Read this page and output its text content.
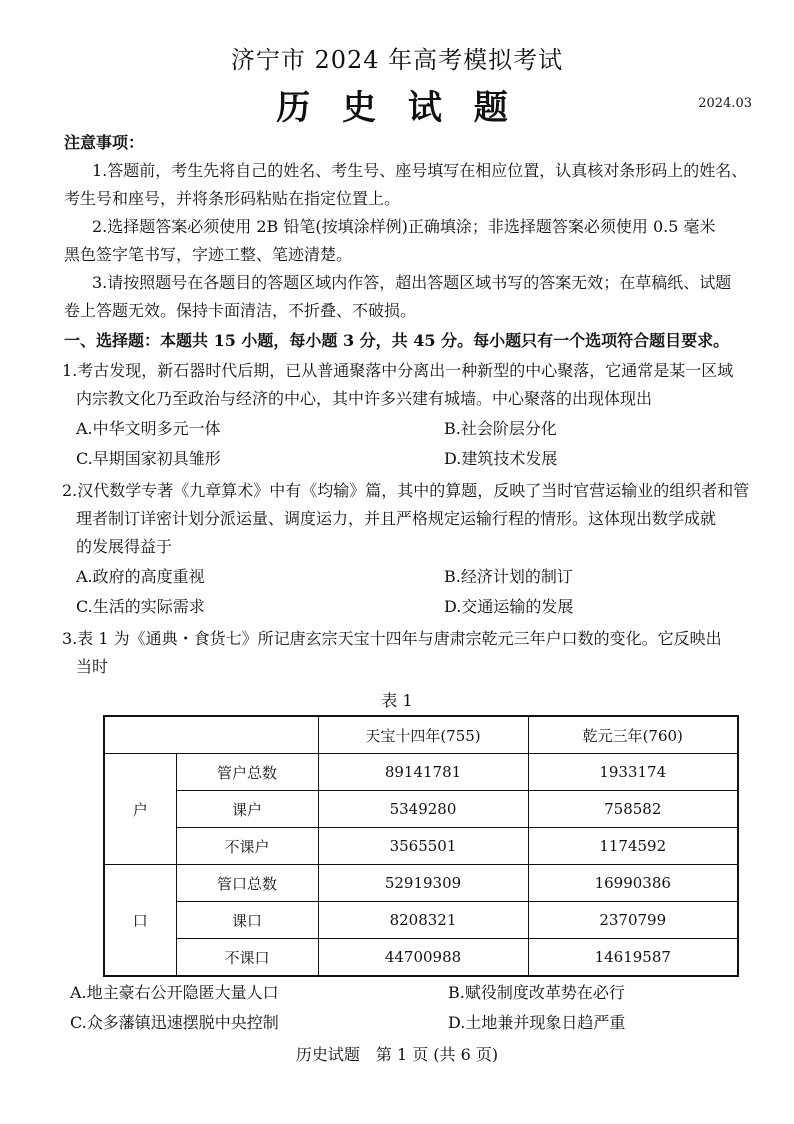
济宁市 2024 年高考模拟考试
历 史 试 题	2024.03
注意事项：
1.答题前，考生先将自己的姓名、考生号、座号填写在相应位置，认真核对条形码上的姓名、
考生号和座号，并将条形码粘贴在指定位置上。
2.选择题答案必须使用 2B 铅笔(按填涂样例)正确填涂；非选择题答案必须使用 0.5 毫米
黑色签字笔书写，字迹工整、笔迹清楚。
3.请按照题号在各题目的答题区域内作答，超出答题区域书写的答案无效；在草稿纸、试题
卷上答题无效。保持卡面清洁，不折叠、不破损。
一、选择题：本题共 15 小题，每小题 3 分，共 45 分。每小题只有一个选项符合题目要求。
1.考古发现，新石器时代后期，已从普通聚落中分离出一种新型的中心聚落，它通常是某一区域
内宗教文化乃至政治与经济的中心，其中许多兴建有城墙。中心聚落的出现体现出
A.中华文明多元一体	B.社会阶层分化
C.早期国家初具雏形	D.建筑技术发展
2.汉代数学专著《九章算术》中有《均输》篇，其中的算题，反映了当时官营运输业的组织者和管
理者制订详密计划分派运量、调度运力，并且严格规定运输行程的情形。这体现出数学成就
的发展得益于
A.政府的高度重视	B.经济计划的制订
C.生活的实际需求	D.交通运输的发展
3.表 1 为《通典・食货七》所记唐玄宗天宝十四年与唐肃宗乾元三年户口数的变化。它反映出
当时
表 1
		天宝十四年(755)	乾元三年(760)
户	管户总数	89141781	1933174
	课户	5349280	758582
	不课户	3565501	1174592
口	管口总数	52919309	16990386
	课口	8208321	2370799
	不课口	44700988	14619587
A.地主豪右公开隐匿大量人口	B.赋役制度改革势在必行
C.众多藩镇迅速摆脱中央控制	D.土地兼并现象日趋严重
历史试题　第 1 页 (共 6 页)
